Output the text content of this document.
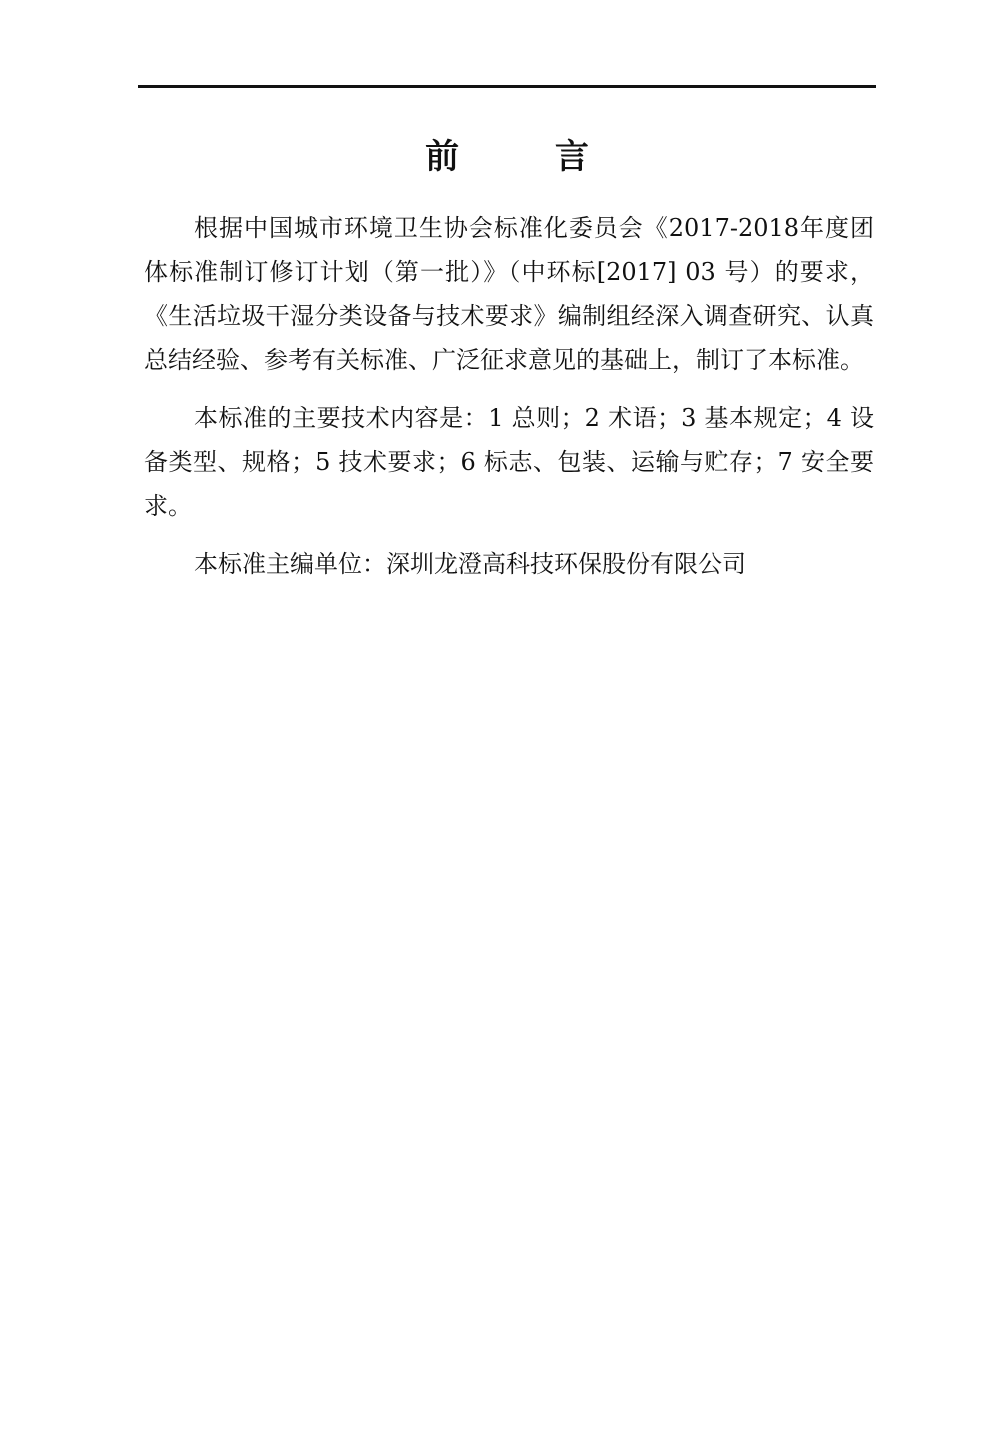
前 言

根据中国城市环境卫生协会标准化委员会《2017-2018年度团体标准制订修订计划（第一批）》（中环标[2017] 03 号）的要求，《生活垃圾干湿分类设备与技术要求》编制组经深入调查研究、认真总结经验、参考有关标准、广泛征求意见的基础上，制订了本标准。

本标准的主要技术内容是：1 总则；2 术语；3 基本规定；4 设备类型、规格；5 技术要求；6 标志、包装、运输与贮存；7 安全要求。

本标准主编单位：深圳龙澄高科技环保股份有限公司
